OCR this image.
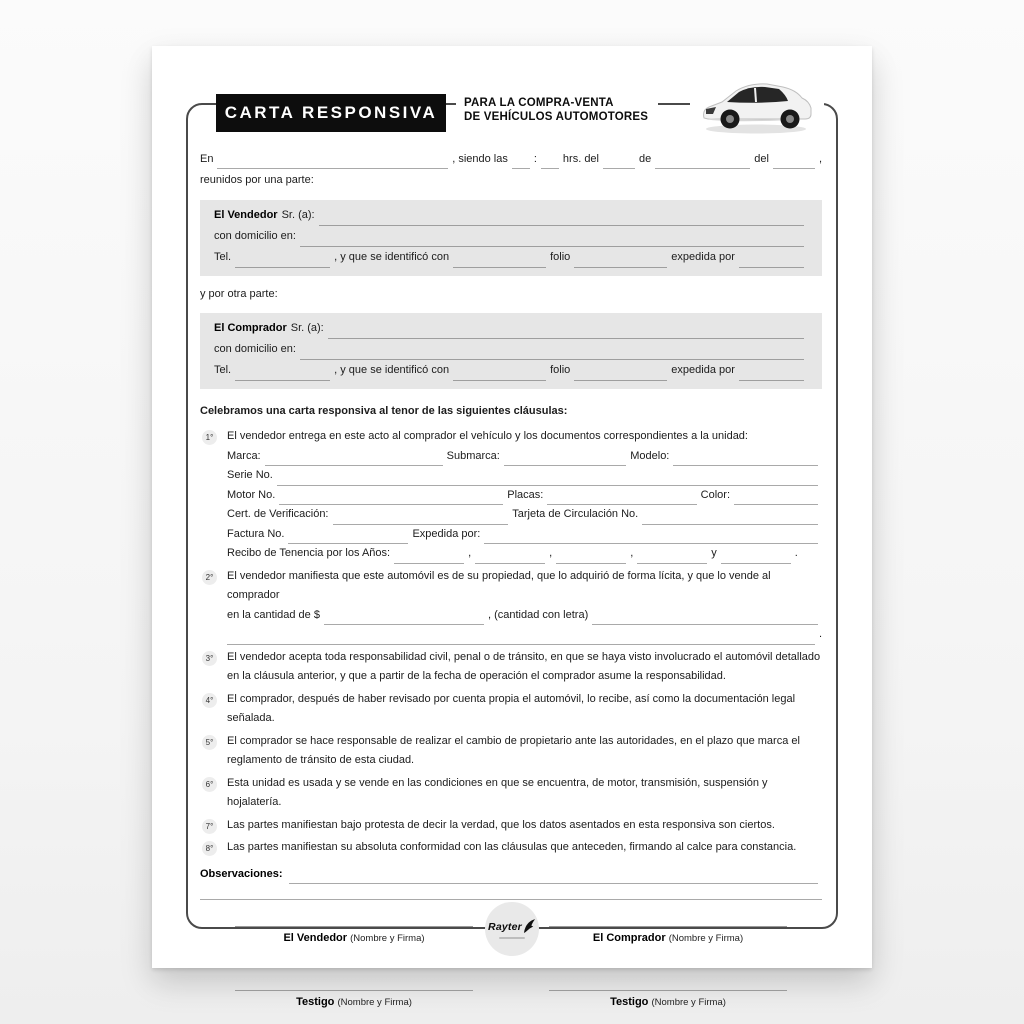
CARTA RESPONSIVA PARA LA COMPRA-VENTA
DE VEHÍCULOS AUTOMOTORES
En	, siendo las : hrs. del	de	del	,
reunidos por una parte:
El Vendedor Sr. (a):
con domicilio en:
Tel.	, y que se identificó con	folio	expedida por
y por otra parte:
El Comprador Sr. (a):
con domicilio en:
Tel.	, y que se identificó con	folio	expedida por
Celebramos una carta responsiva al tenor de las siguientes cláusulas:
1°	El vendedor entrega en este acto al comprador el vehículo y los documentos correspondientes a la unidad:
Marca:	Submarca:	Modelo:
Serie No.
Motor No.	Placas:	Color:
Cert. de Verificación:	Tarjeta de Circulación No.
Factura No.	Expedida por:
Recibo de Tenencia por los Años:	,	,	,	y	.
2°	El vendedor manifiesta que este automóvil es de su propiedad, que lo adquirió de forma lícita, y que lo vende al comprador
en la cantidad de $	, (cantidad con letra)
.
3°	El vendedor acepta toda responsabilidad civil, penal o de tránsito, en que se haya visto involucrado el automóvil detallado en la cláusula anterior, y que a partir de la fecha de operación el comprador asume la responsabilidad.
4°	El comprador, después de haber revisado por cuenta propia el automóvil, lo recibe, así como la documentación legal señalada.
5°	El comprador se hace responsable de realizar el cambio de propietario ante las autoridades, en el plazo que marca el reglamento de tránsito de esta ciudad.
6°	Esta unidad es usada y se vende en las condiciones en que se encuentra, de motor, transmisión, suspensión y hojalatería.
7°	Las partes manifiestan bajo protesta de decir la verdad, que los datos asentados en esta responsiva son ciertos.
8°	Las partes manifiestan su absoluta conformidad con las cláusulas que anteceden, firmando al calce para constancia.
Observaciones:
El Vendedor (Nombre y Firma)	El Comprador (Nombre y Firma)
Testigo (Nombre y Firma)	Testigo (Nombre y Firma)
Rayter
